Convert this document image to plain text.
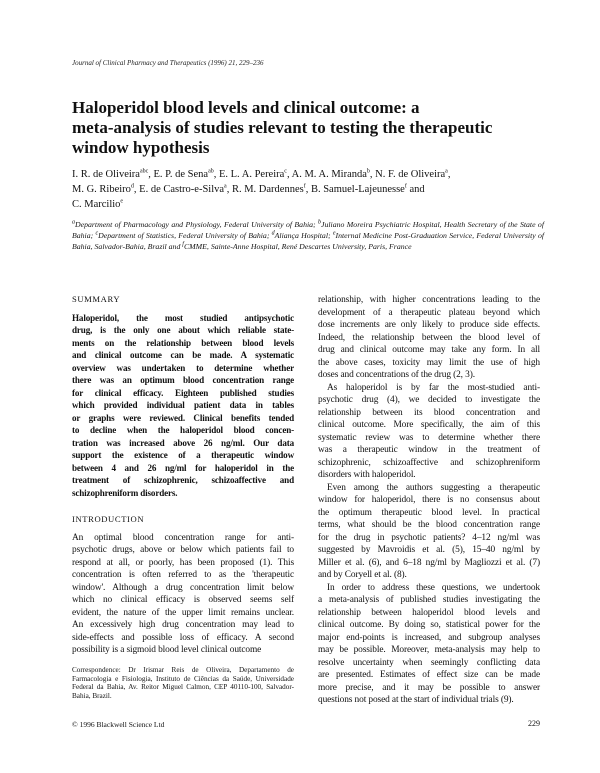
Journal of Clinical Pharmacy and Therapeutics (1996) 21, 229–236
Haloperidol blood levels and clinical outcome: a
meta-analysis of studies relevant to testing the therapeutic
window hypothesis
I. R. de Oliveira$^{abc}$, E. P. de Sena$^{ab}$, E. L. A. Pereira$^c$, A. M. A. Miranda$^b$, N. F. de Oliveira$^a$,
M. G. Ribeiro$^d$, E. de Castro-e-Silva$^a$, R. M. Dardennes$^f$, B. Samuel-Lajeunesse$^f$ and
C. Marcilio$^e$
$^a$Department of Pharmacology and Physiology, Federal University of Bahia; $^b$Juliano Moreira Psychiatric Hospital, Health Secretary of the State of Bahia; $^c$Department of Statistics, Federal University of Bahia; $^d$Aliança Hospital; $^e$Internal Medicine Post-Graduation Service, Federal University of Bahia, Salvador-Bahia, Brazil and $^f$CMME, Sainte-Anne Hospital, René Descartes University, Paris, France
SUMMARY
Haloperidol, the most studied antipsychotic
drug, is the only one about which reliable state-
ments on the relationship between blood levels
and clinical outcome can be made. A systematic
overview was undertaken to determine whether
there was an optimum blood concentration range
for clinical efficacy. Eighteen published studies
which provided individual patient data in tables
or graphs were reviewed. Clinical benefits tended
to decline when the haloperidol blood concen-
tration was increased above 26 ng/ml. Our data
support the existence of a therapeutic window
between 4 and 26 ng/ml for haloperidol in the
treatment of schizophrenic, schizoaffective and
schizophreniform disorders.
INTRODUCTION
An optimal blood concentration range for anti-
psychotic drugs, above or below which patients fail to
respond at all, or poorly, has been proposed (1). This
concentration is often referred to as the 'therapeutic
window'. Although a drug concentration limit below
which no clinical efficacy is observed seems self
evident, the nature of the upper limit remains unclear.
An excessively high drug concentration may lead to
side-effects and possible loss of efficacy. A second
possibility is a sigmoid blood level clinical outcome
relationship, with higher concentrations leading to the
development of a therapeutic plateau beyond which
dose increments are only likely to produce side effects.
Indeed, the relationship between the blood level of
drug and clinical outcome may take any form. In all
the above cases, toxicity may limit the use of high
doses and concentrations of the drug (2, 3).
As haloperidol is by far the most-studied anti-
psychotic drug (4), we decided to investigate the
relationship between its blood concentration and
clinical outcome. More specifically, the aim of this
systematic review was to determine whether there
was a therapeutic window in the treatment of
schizophrenic, schizoaffective and schizophreniform
disorders with haloperidol.
Even among the authors suggesting a therapeutic
window for haloperidol, there is no consensus about
the optimum therapeutic blood level. In practical
terms, what should be the blood concentration range
for the drug in psychotic patients? 4–12 ng/ml was
suggested by Mavroidis et al. (5), 15–40 ng/ml by
Miller et al. (6), and 6–18 ng/ml by Magliozzi et al. (7)
and by Coryell et al. (8).
In order to address these questions, we undertook
a meta-analysis of published studies investigating the
relationship between haloperidol blood levels and
clinical outcome. By doing so, statistical power for the
major end-points is increased, and subgroup analyses
may be possible. Moreover, meta-analysis may help to
resolve uncertainty when seemingly conflicting data
are presented. Estimates of effect size can be made
more precise, and it may be possible to answer
questions not posed at the start of individual trials (9).
Correspondence: Dr Irismar Reis de Oliveira, Departamento de Farmacologia e Fisiologia, Instituto de Ciências da Saúde, Universidade Federal da Bahia, Av. Reitor Miguel Calmon, CEP 40110-100, Salvador-Bahia, Brazil.
© 1996 Blackwell Science Ltd	229
